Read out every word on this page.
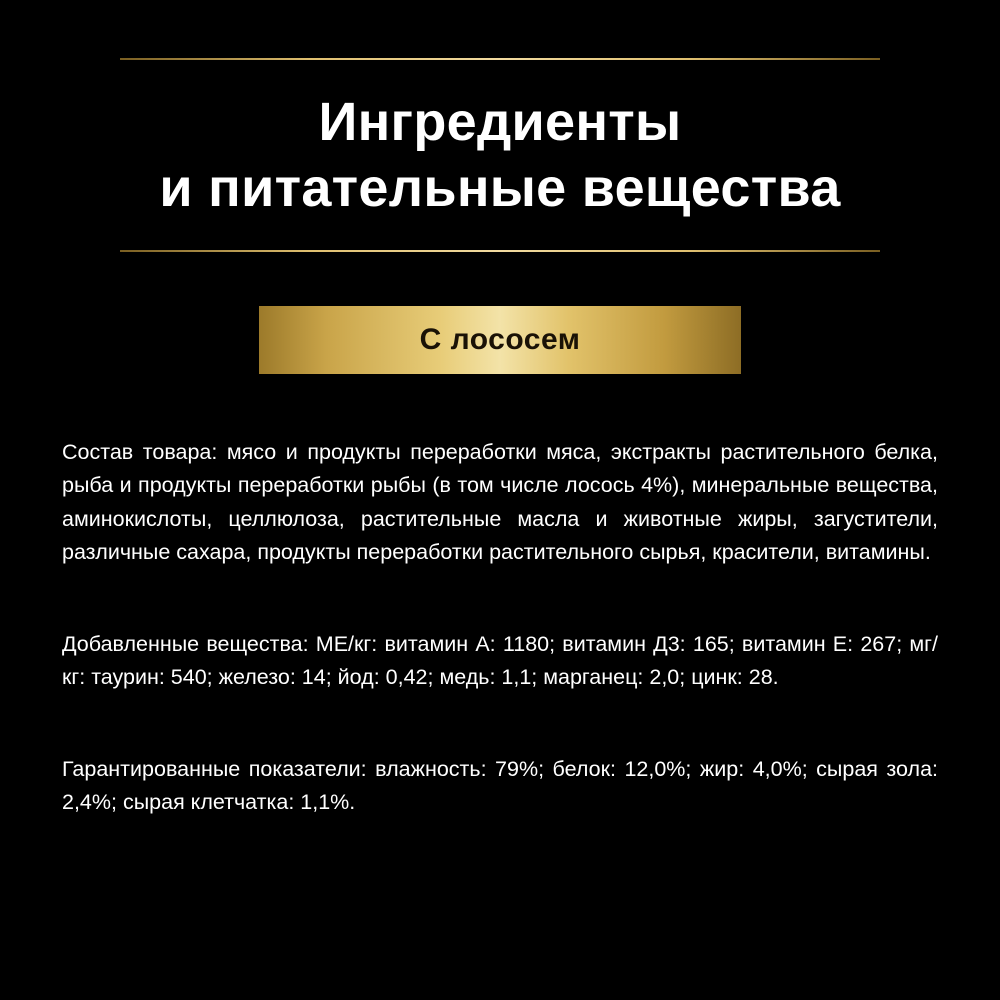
Ингредиенты
и питательные вещества
С лососем

Состав товара: мясо и продукты переработки мяса, экстракты растительного белка, рыба и продукты переработки рыбы (в том числе лосось 4%), минеральные вещества, аминокислоты, целлюлоза, растительные масла и животные жиры, загустители, различные сахара, продукты переработки растительного сырья, красители, витамины.

Добавленные вещества: МЕ/кг: витамин А: 1180; витамин Д3: 165; витамин Е: 267; мг/кг: таурин: 540; железо: 14; йод: 0,42; медь: 1,1; марганец: 2,0; цинк: 28.

Гарантированные показатели: влажность: 79%; белок: 12,0%; жир: 4,0%; сырая зола: 2,4%; сырая клетчатка: 1,1%.
